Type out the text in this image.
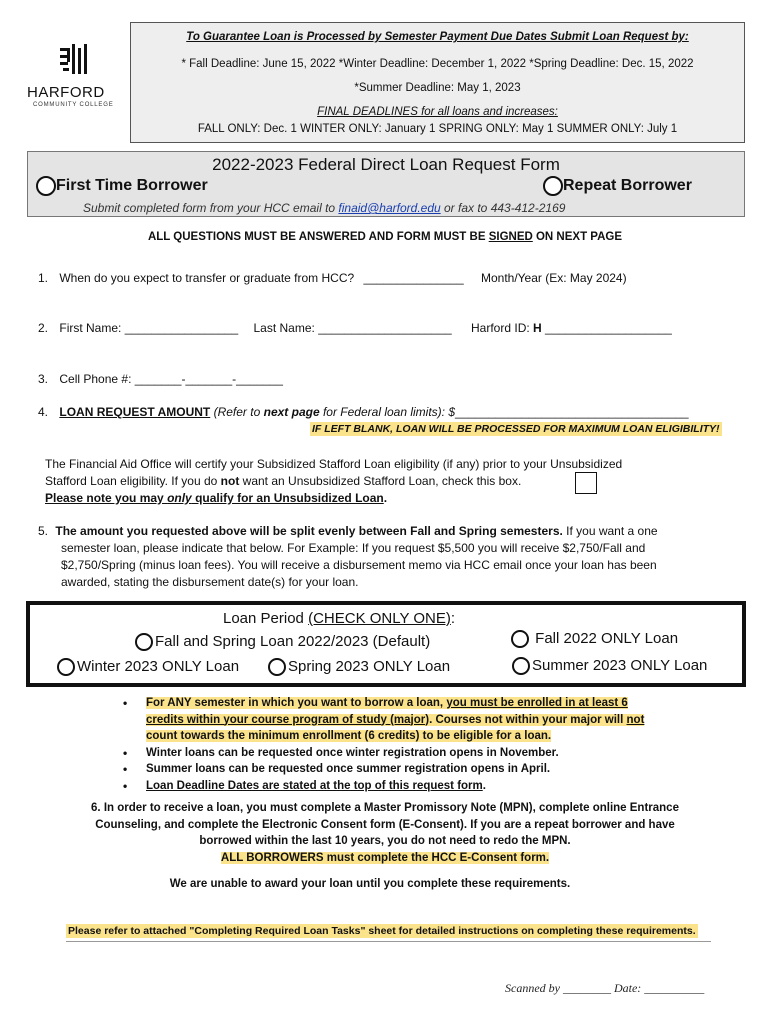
HARFORD
COMMUNITY COLLEGE
To Guarantee Loan is Processed by Semester Payment Due Dates Submit Loan Request by:
* Fall Deadline: June 15, 2022 *Winter Deadline: December 1, 2022 *Spring Deadline: Dec. 15, 2022
*Summer Deadline: May 1, 2023
FINAL DEADLINES for all loans and increases:
FALL ONLY: Dec. 1 WINTER ONLY: January 1 SPRING ONLY: May 1 SUMMER ONLY: July 1
2022-2023 Federal Direct Loan Request Form
First Time Borrower	Repeat Borrower
Submit completed form from your HCC email to finaid@harford.edu or fax to 443-412-2169
ALL QUESTIONS MUST BE ANSWERED AND FORM MUST BE SIGNED ON NEXT PAGE
1. When do you expect to transfer or graduate from HCC? _______________ Month/Year (Ex: May 2024)
2. First Name: _________________ Last Name: ____________________ Harford ID: H ___________________
3. Cell Phone #: _______-_______-_______
4. LOAN REQUEST AMOUNT (Refer to next page for Federal loan limits): $___________________________________
IF LEFT BLANK, LOAN WILL BE PROCESSED FOR MAXIMUM LOAN ELIGIBILITY!
The Financial Aid Office will certify your Subsidized Stafford Loan eligibility (if any) prior to your Unsubsidized
Stafford Loan eligibility. If you do not want an Unsubsidized Stafford Loan, check this box.
Please note you may only qualify for an Unsubsidized Loan.
5. The amount you requested above will be split evenly between Fall and Spring semesters. If you want a one
semester loan, please indicate that below. For Example: If you request $5,500 you will receive $2,750/Fall and
$2,750/Spring (minus loan fees). You will receive a disbursement memo via HCC email once your loan has been
awarded, stating the disbursement date(s) for your loan.
Loan Period (CHECK ONLY ONE):
Fall and Spring Loan 2022/2023 (Default)	Fall 2022 ONLY Loan
Winter 2023 ONLY Loan	Spring 2023 ONLY Loan	Summer 2023 ONLY Loan
• For ANY semester in which you want to borrow a loan, you must be enrolled in at least 6
credits within your course program of study (major). Courses not within your major will not
count towards the minimum enrollment (6 credits) to be eligible for a loan.
• Winter loans can be requested once winter registration opens in November.
• Summer loans can be requested once summer registration opens in April.
• Loan Deadline Dates are stated at the top of this request form.
6. In order to receive a loan, you must complete a Master Promissory Note (MPN), complete online Entrance
Counseling, and complete the Electronic Consent form (E-Consent). If you are a repeat borrower and have
borrowed within the last 10 years, you do not need to redo the MPN.
ALL BORROWERS must complete the HCC E-Consent form.
We are unable to award your loan until you complete these requirements.
Please refer to attached "Completing Required Loan Tasks" sheet for detailed instructions on completing these requirements.
Scanned by ________ Date: __________
